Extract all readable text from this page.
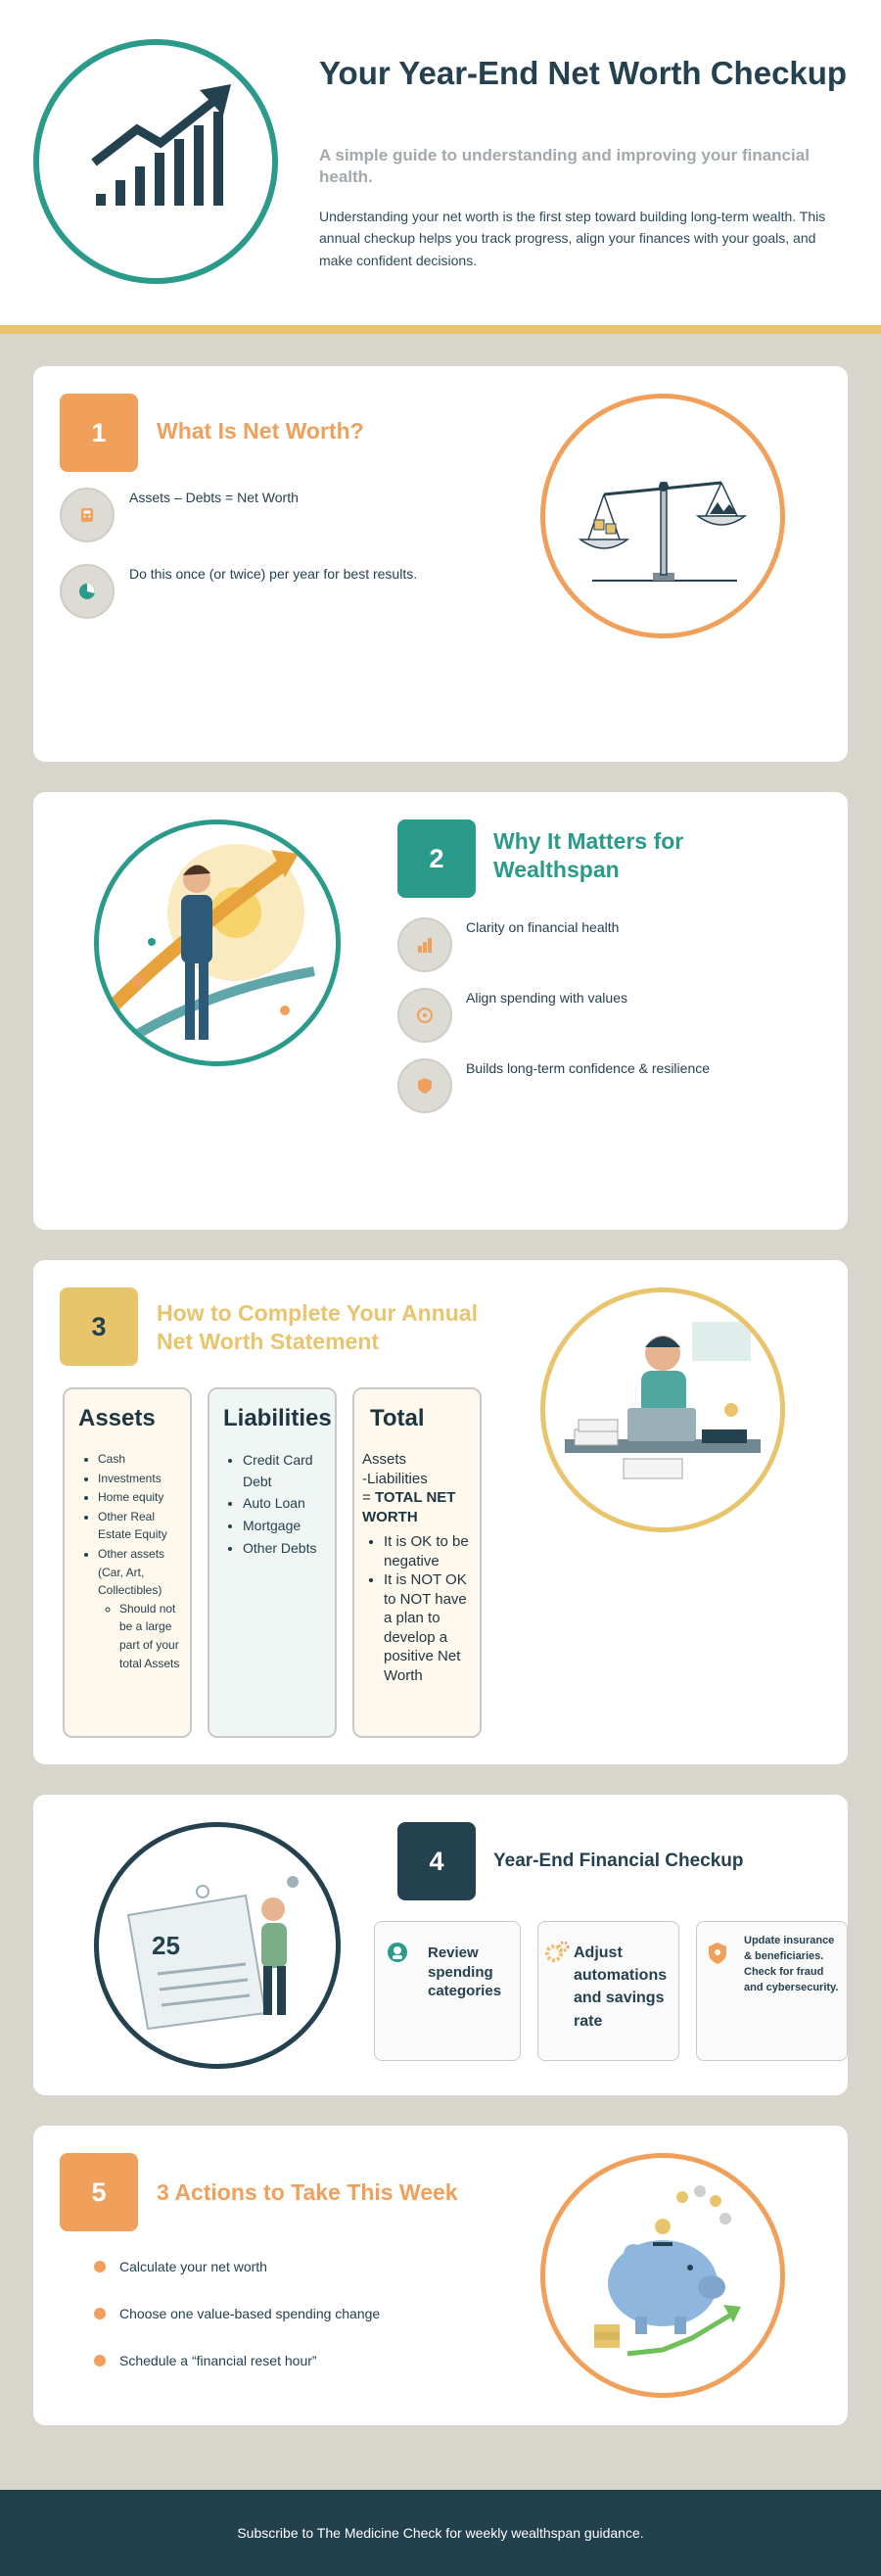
Your Year-End Net Worth Checkup
A simple guide to understanding and improving your financial health.
Understanding your net worth is the first step toward building long-term wealth. This annual checkup helps you track progress, align your finances with your goals, and make confident decisions.
1	What Is Net Worth?
Assets – Debts = Net Worth
Do this once (or twice) per year for best results.
2
Why It Matters for Wealthspan
Clarity on financial health
Align spending with values
Builds long-term confidence & resilience
3	How to Complete Your Annual Net Worth Statement
Assets
• Cash
• Investments
• Home equity
• Other Real Estate Equity
• Other assets (Car, Art, Collectibles)
◦ Should not be a large part of your total Assets
Liabilities
• Credit Card Debt
• Auto Loan
• Mortgage
• Other Debts
Total
Assets
-Liabilities
= TOTAL NET WORTH
• It is OK to be negative
• It is NOT OK to NOT have a plan to develop a positive Net Worth
25
4	Year-End Financial Checkup
Review spending categories
Adjust automations and savings rate
Update insurance & beneficiaries. Check for fraud and cybersecurity.
5	3 Actions to Take This Week
Calculate your net worth
Choose one value-based spending change
Schedule a “financial reset hour”
Subscribe to The Medicine Check for weekly wealthspan guidance.
